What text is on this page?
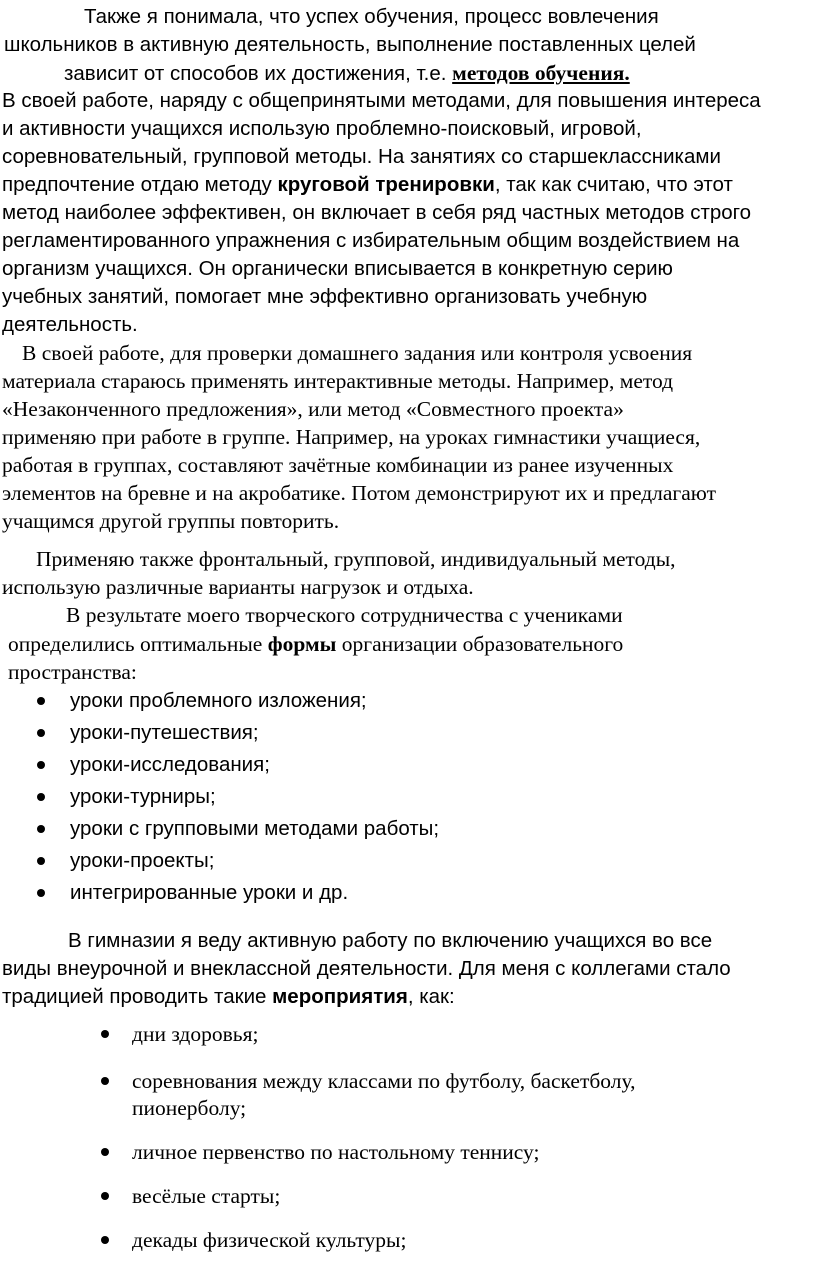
Также я понимала, что успех обучения, процесс вовлечения
школьников в активную деятельность, выполнение поставленных целей
зависит от способов их достижения, т.е. методов обучения.
В своей работе, наряду с общепринятыми методами, для повышения интереса
и активности учащихся использую проблемно-поисковый, игровой,
соревновательный, групповой методы. На занятиях со старшеклассниками
предпочтение отдаю методу круговой тренировки, так как считаю, что этот
метод наиболее эффективен, он включает в себя ряд частных методов строго
регламентированного упражнения с избирательным общим воздействием на
организм учащихся. Он органически вписывается в конкретную серию
учебных занятий, помогает мне эффективно организовать учебную
деятельность.
В своей работе, для проверки домашнего задания или контроля усвоения
материала стараюсь применять интерактивные методы. Например, метод
«Незаконченного предложения», или метод «Совместного проекта»
применяю при работе в группе. Например, на уроках гимнастики учащиеся,
работая в группах, составляют зачётные комбинации из ранее изученных
элементов на бревне и на акробатике. Потом демонстрируют их и предлагают
учащимся другой группы повторить.
Применяю также фронтальный, групповой, индивидуальный методы,
использую различные варианты нагрузок и отдыха.
В результате моего творческого сотрудничества с учениками
определились оптимальные формы организации образовательного
пространства:
уроки проблемного изложения;
уроки-путешествия;
уроки-исследования;
уроки-турниры;
уроки с групповыми методами работы;
уроки-проекты;
интегрированные уроки и др.
В гимназии я веду активную работу по включению учащихся во все
виды внеурочной и внеклассной деятельности. Для меня с коллегами стало
традицией проводить такие мероприятия, как:
дни здоровья;
соревнования между классами по футболу, баскетболу,
пионерболу;
личное первенство по настольному теннису;
весёлые старты;
декады физической культуры;
